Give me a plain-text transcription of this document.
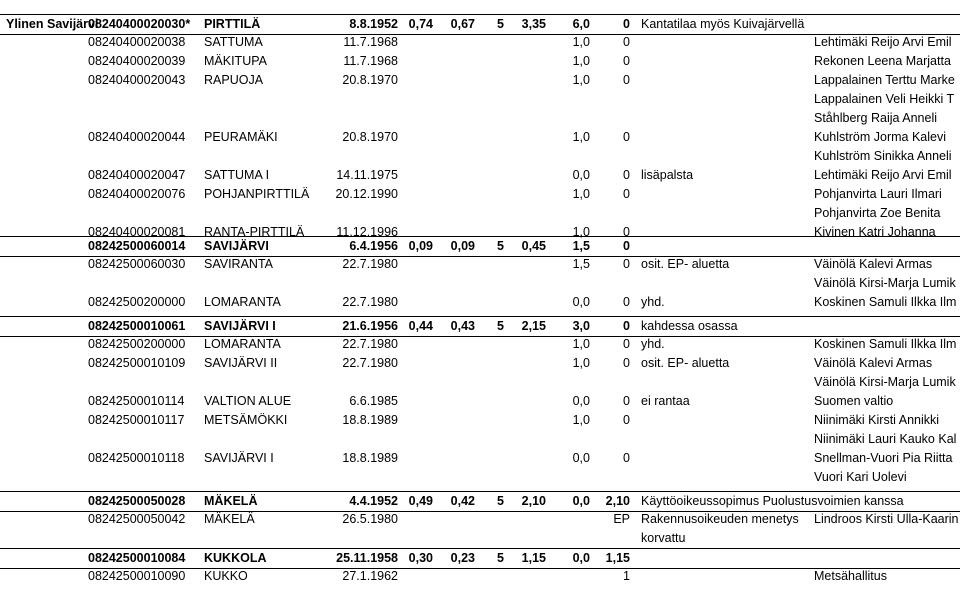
Ylinen Savijärvi
08240400020030*	PIRTTILÄ	8.8.1952 0,74	0,67	5	3,35	6,0	0 Kantatilaa myös Kuivajärvellä
08240400020038	SATTUMA	11.7.1968	1,0	0	Lehtimäki Reijo Arvi Emil
08240400020039	MÄKITUPA	11.7.1968	1,0	0	Rekonen Leena Marjatta
08240400020043	RAPUOJA	20.8.1970	1,0	0	Lappalainen Terttu Marke
Lappalainen Veli Heikki T
Ståhlberg Raija Anneli
08240400020044	PEURAMÄKI	20.8.1970	1,0	0	Kuhlström Jorma Kalevi
Kuhlström Sinikka Anneli
08240400020047	SATTUMA I	14.11.1975	0,0	0 lisäpalsta	Lehtimäki Reijo Arvi Emil
08240400020076	POHJANPIRTTILÄ	20.12.1990	1,0	0	Pohjanvirta Lauri Ilmari
Pohjanvirta Zoe Benita
08240400020081	RANTA-PIRTTILÄ	11.12.1996	1,0	0	Kivinen Katri Johanna
08242500060014	SAVIJÄRVI	6.4.1956 0,09	0,09	5	0,45	1,5	0
08242500060030	SAVIRANTA	22.7.1980	1,5	0 osit. EP- aluetta	Väinölä Kalevi Armas
Väinölä Kirsi-Marja Lumik
08242500200000	LOMARANTA	22.7.1980	0,0	0 yhd.	Koskinen Samuli Ilkka Ilm
08242500010061	SAVIJÄRVI I	21.6.1956 0,44	0,43	5	2,15	3,0	0 kahdessa osassa
08242500200000	LOMARANTA	22.7.1980	1,0	0 yhd.	Koskinen Samuli Ilkka Ilm
08242500010109	SAVIJÄRVI II	22.7.1980	1,0	0 osit. EP- aluetta	Väinölä Kalevi Armas
Väinölä Kirsi-Marja Lumik
08242500010114	VALTION ALUE	6.6.1985	0,0	0 ei rantaa	Suomen valtio
08242500010117	METSÄMÖKKI	18.8.1989	1,0	0	Niinimäki Kirsti Annikki
Niinimäki Lauri Kauko Kal
08242500010118	SAVIJÄRVI I	18.8.1989	0,0	0	Snellman-Vuori Pia Riitta
Vuori Kari Uolevi
08242500050028	MÄKELÄ	4.4.1952 0,49	0,42	5	2,10	0,0	2,10 Käyttöoikeussopimus Puolustusvoimien kanssa
08242500050042	MÄKELÄ	26.5.1980	EP Rakennusoikeuden menetys	Lindroos Kirsti Ulla-Kaarin
korvattu
08242500010084	KUKKOLA	25.11.1958 0,30	0,23	5	1,15	0,0	1,15
08242500010090	KUKKO	27.1.1962	1	Metsähallitus
